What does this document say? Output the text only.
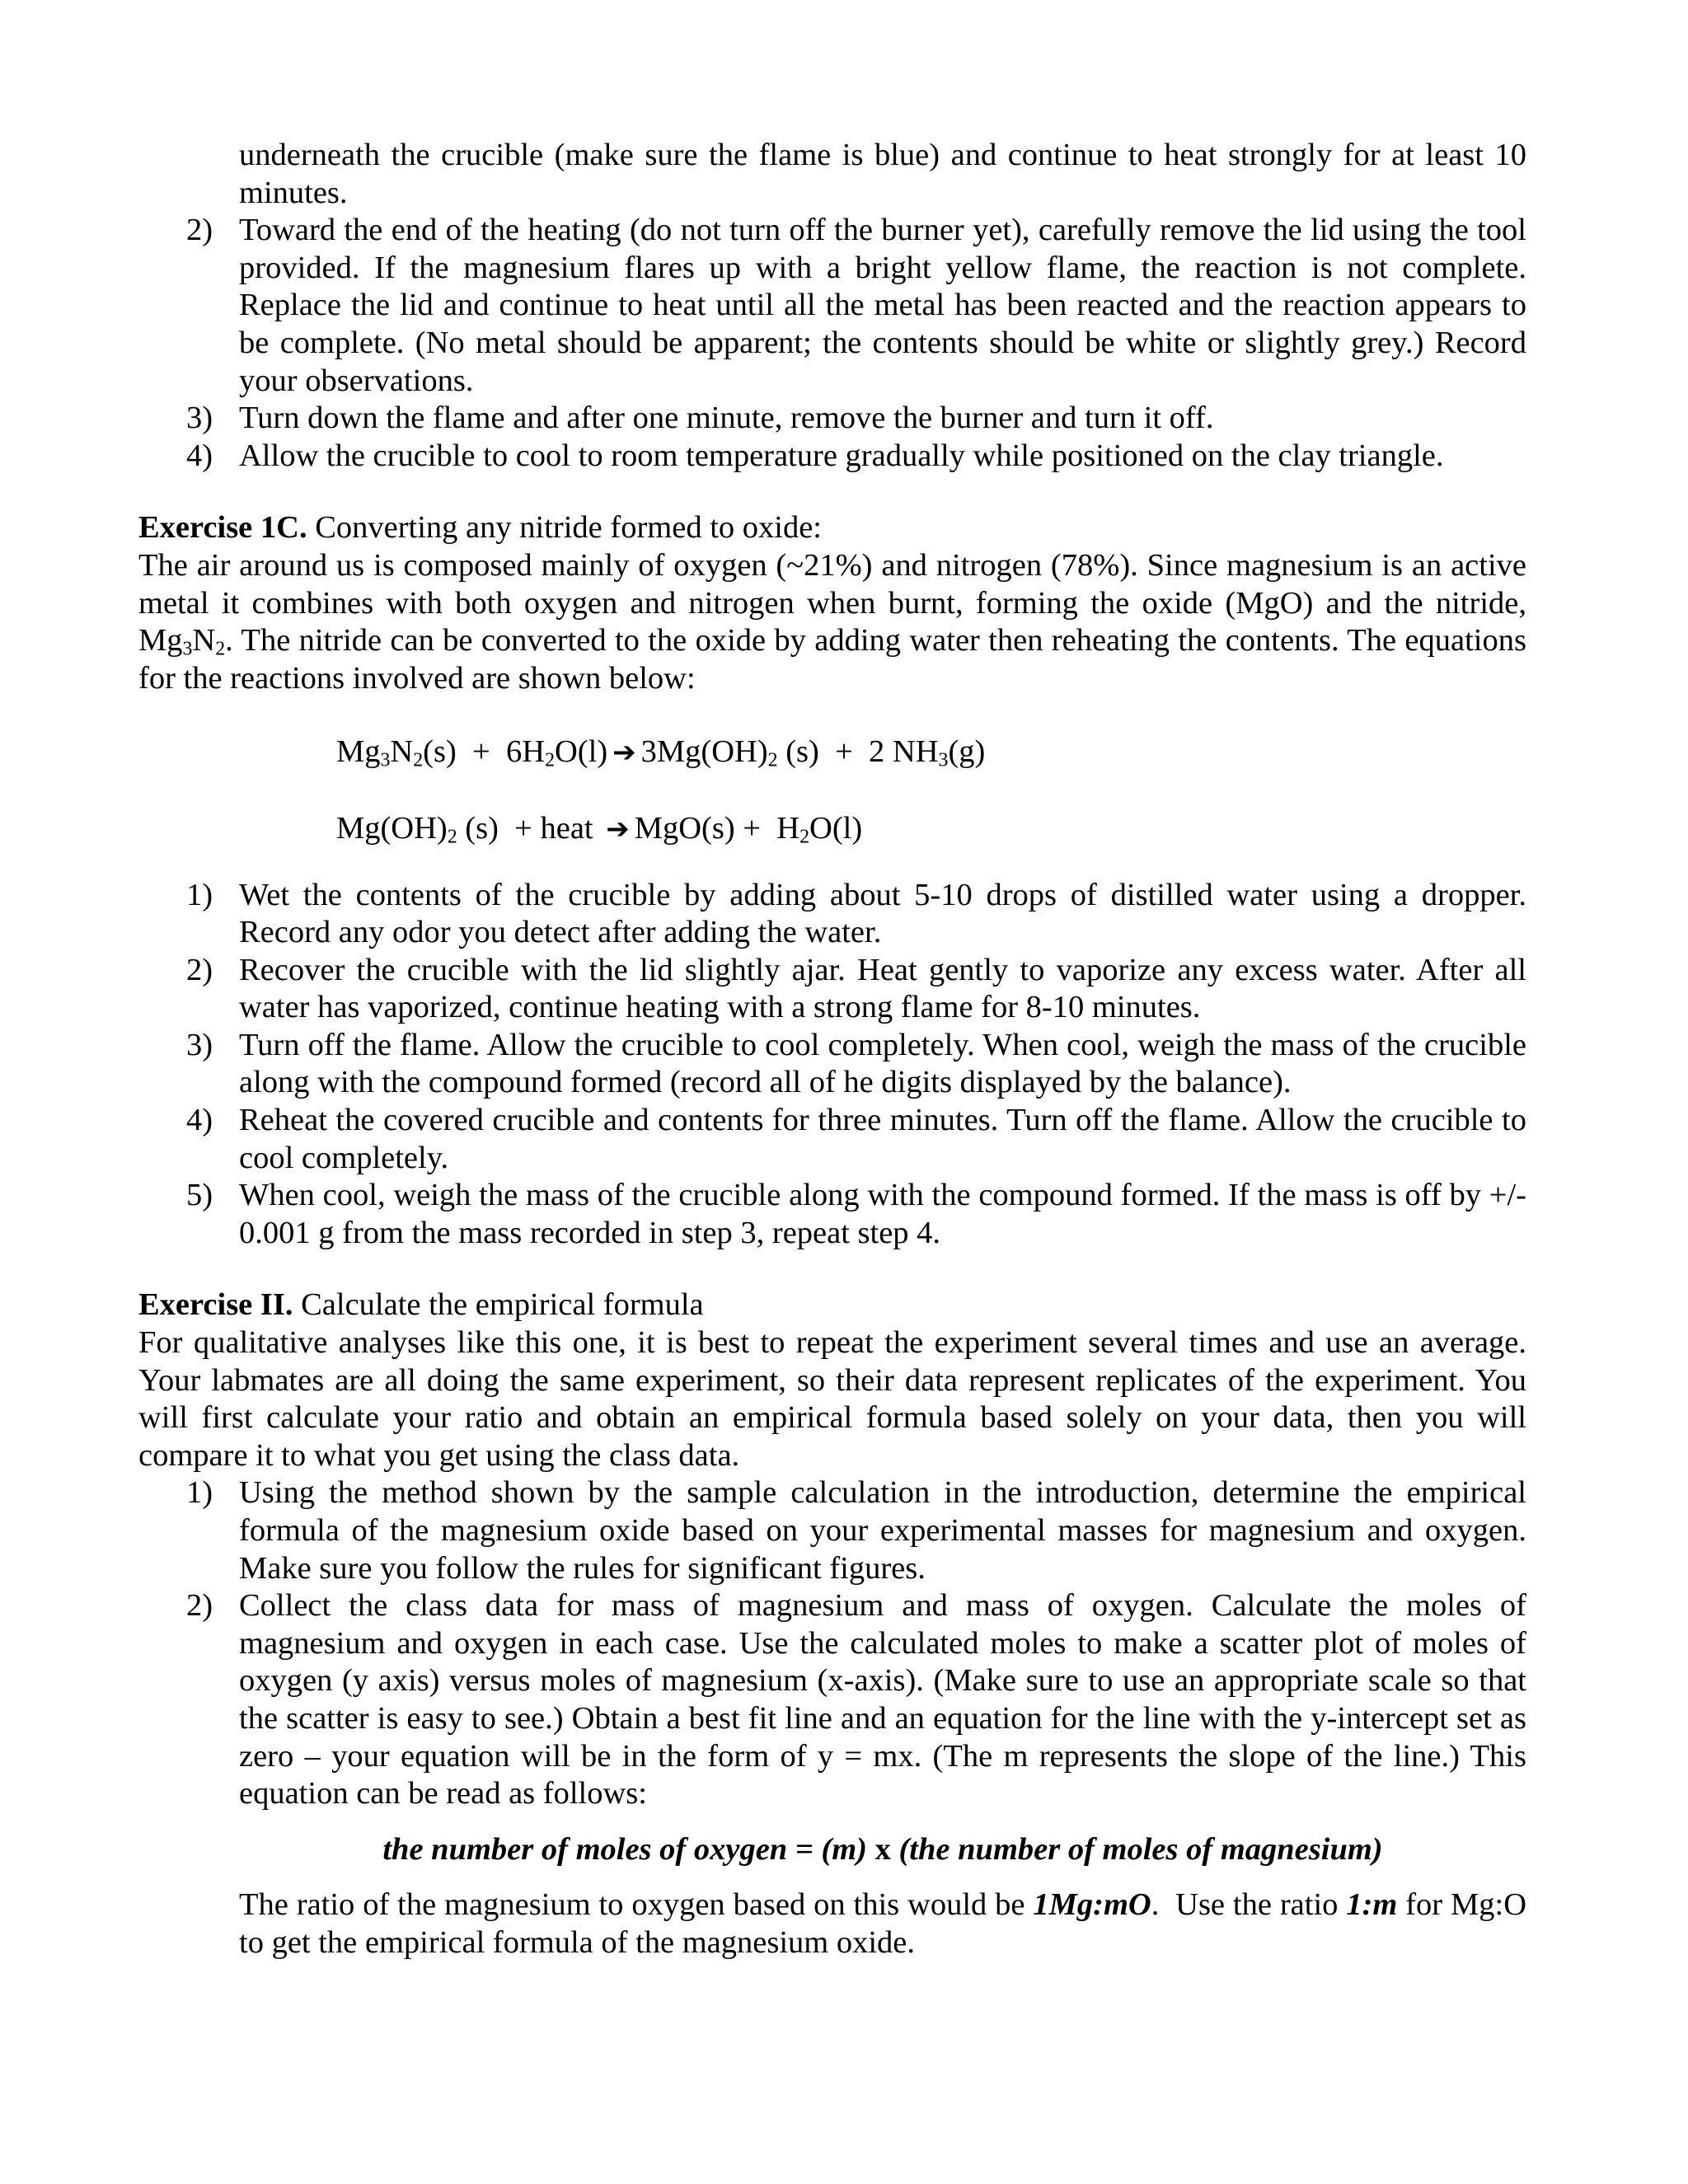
underneath the crucible (make sure the flame is blue) and continue to heat strongly for at least 10 minutes.
2) Toward the end of the heating (do not turn off the burner yet), carefully remove the lid using the tool provided. If the magnesium flares up with a bright yellow flame, the reaction is not complete. Replace the lid and continue to heat until all the metal has been reacted and the reaction appears to be complete. (No metal should be apparent; the contents should be white or slightly grey.) Record your observations.
3) Turn down the flame and after one minute, remove the burner and turn it off.
4) Allow the crucible to cool to room temperature gradually while positioned on the clay triangle.
Exercise 1C. Converting any nitride formed to oxide:
The air around us is composed mainly of oxygen (~21%) and nitrogen (78%). Since magnesium is an active metal it combines with both oxygen and nitrogen when burnt, forming the oxide (MgO) and the nitride, $Mg_3N_2$. The nitride can be converted to the oxide by adding water then reheating the contents. The equations for the reactions involved are shown below:
$Mg_3N_2(s) + 6H_2O(l)$ ➔ $3Mg(OH)_2$ (s)  +  2 $NH_3(g)$
$Mg(OH)_2$ (s)  + heat ➔ $MgO(s) + H_2O(l)$
1) Wet the contents of the crucible by adding about 5-10 drops of distilled water using a dropper. Record any odor you detect after adding the water.
2) Recover the crucible with the lid slightly ajar. Heat gently to vaporize any excess water. After all water has vaporized, continue heating with a strong flame for 8-10 minutes.
3) Turn off the flame. Allow the crucible to cool completely. When cool, weigh the mass of the crucible along with the compound formed (record all of he digits displayed by the balance).
4) Reheat the covered crucible and contents for three minutes. Turn off the flame. Allow the crucible to cool completely.
5) When cool, weigh the mass of the crucible along with the compound formed. If the mass is off by +/- 0.001 g from the mass recorded in step 3, repeat step 4.
Exercise II. Calculate the empirical formula
For qualitative analyses like this one, it is best to repeat the experiment several times and use an average. Your labmates are all doing the same experiment, so their data represent replicates of the experiment. You will first calculate your ratio and obtain an empirical formula based solely on your data, then you will compare it to what you get using the class data.
1) Using the method shown by the sample calculation in the introduction, determine the empirical formula of the magnesium oxide based on your experimental masses for magnesium and oxygen. Make sure you follow the rules for significant figures.
2) Collect the class data for mass of magnesium and mass of oxygen. Calculate the moles of magnesium and oxygen in each case. Use the calculated moles to make a scatter plot of moles of oxygen (y axis) versus moles of magnesium (x-axis). (Make sure to use an appropriate scale so that the scatter is easy to see.) Obtain a best fit line and an equation for the line with the y-intercept set as zero – your equation will be in the form of y = mx. (The m represents the slope of the line.) This equation can be read as follows:
the number of moles of oxygen = (m) x (the number of moles of magnesium)
The ratio of the magnesium to oxygen based on this would be 1Mg:mO.  Use the ratio 1:m for Mg:O to get the empirical formula of the magnesium oxide.
